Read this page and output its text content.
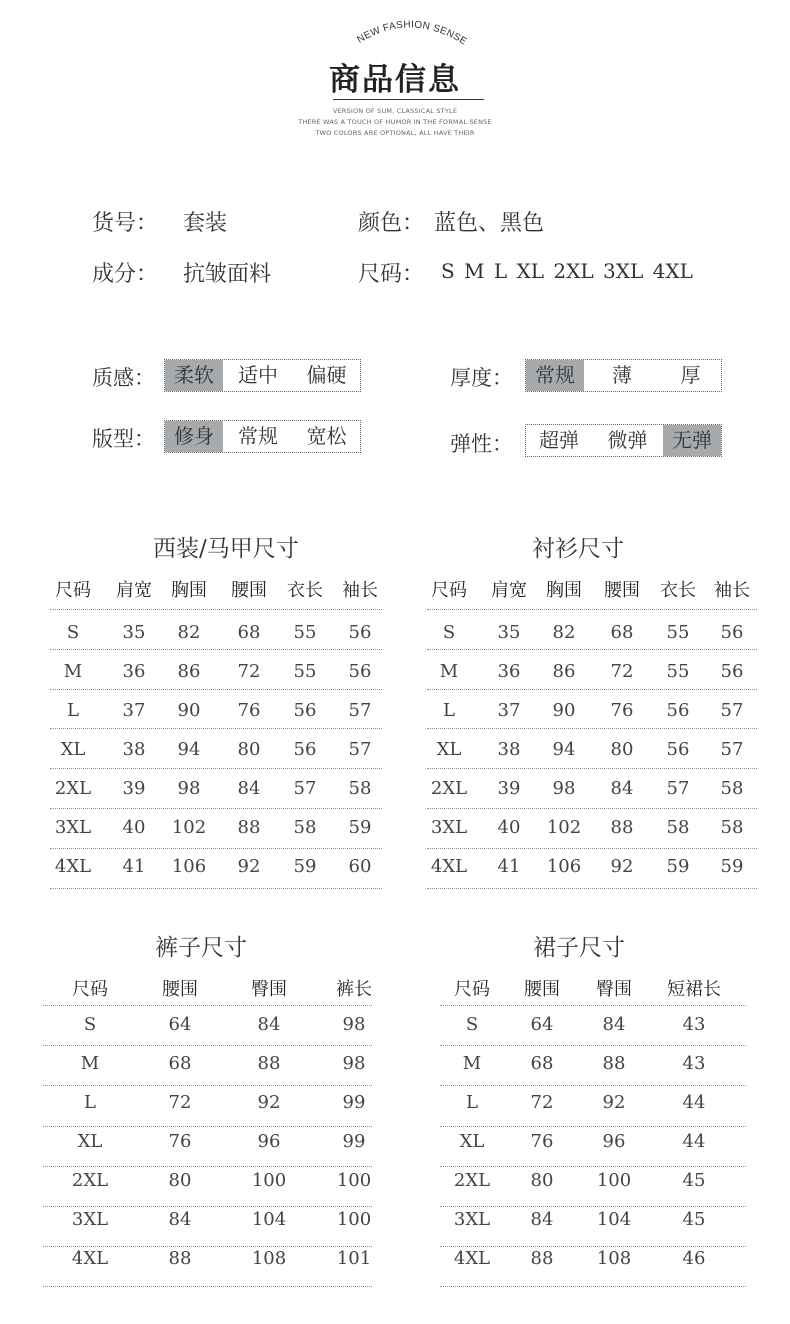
NEW FASHION SENSE
商品信息
VERSION OF SUM, CLASSICAL STYLE
THERE WAS A TOUCH OF HUMOR IN THE FORMAL SENSE
TWO COLORS ARE OPTIONAL, ALL HAVE THEIR
货号： 套装	颜色： 蓝色、黑色
成分： 抗皱面料	尺码： S M L XL 2XL 3XL 4XL
质感： 柔软	适中	偏硬	厚度：	常规	薄	厚
版型： 修身	常规	宽松	弹性：	超弹	微弹	无弹
西装/马甲尺寸	衬衫尺寸
裤子尺寸	裙子尺寸
尺码	肩宽	胸围	腰围	衣长	袖长
S	35	82	68	55	56
M	36	86	72	55	56
L	37	90	76	56	57
XL	38	94	80	56	57
2XL	39	98	84	57	58
3XL	40	102	88	58	59
4XL	41	106	92	59	60
尺码	肩宽	胸围	腰围	衣长	袖长
S	35	82	68	55	56
M	36	86	72	55	56
L	37	90	76	56	57
XL	38	94	80	56	57
2XL	39	98	84	57	58
3XL	40	102	88	58	58
4XL	41	106	92	59	59
尺码	腰围	臀围	裤长
S	64	84	98
M	68	88	98
L	72	92	99
XL	76	96	99
2XL	80	100	100
3XL	84	104	100
4XL	88	108	101
尺码	腰围	臀围	短裙长
S	64	84	43
M	68	88	43
L	72	92	44
XL	76	96	44
2XL	80	100	45
3XL	84	104	45
4XL	88	108	46
